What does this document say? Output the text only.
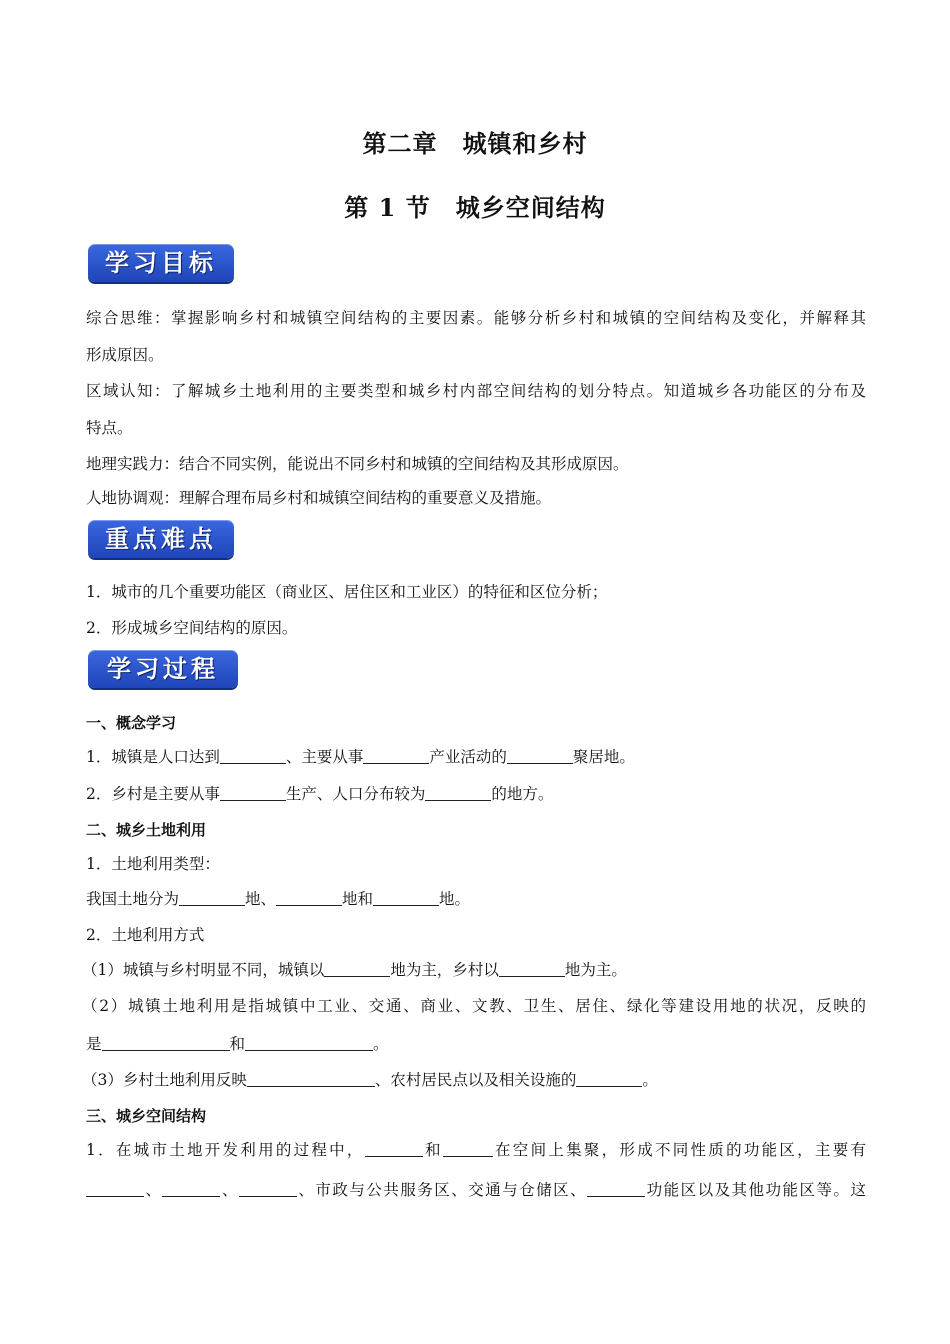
第二章　城镇和乡村
第 1 节　城乡空间结构
学习目标
综合思维：掌握影响乡村和城镇空间结构的主要因素。能够分析乡村和城镇的空间结构及变化，并解释其
形成原因。
区域认知：了解城乡土地利用的主要类型和城乡村内部空间结构的划分特点。知道城乡各功能区的分布及
特点。
地理实践力：结合不同实例，能说出不同乡村和城镇的空间结构及其形成原因。
人地协调观：理解合理布局乡村和城镇空间结构的重要意义及措施。
重点难点
1．城市的几个重要功能区（商业区、居住区和工业区）的特征和区位分析；
2．形成城乡空间结构的原因。
学习过程
一、概念学习
1．城镇是人口达到	、主要从事	产业活动的	聚居地。
2．乡村是主要从事	生产、人口分布较为	的地方。
二、城乡土地利用
1．土地利用类型：
我国土地分为	地、	地和	地。
2．土地利用方式
（1）城镇与乡村明显不同，城镇以	地为主，乡村以	地为主。
（2）城镇土地利用是指城镇中工业、交通、商业、文教、卫生、居住、绿化等建设用地的状况，反映的
是	和	。
（3）乡村土地利用反映	、农村居民点以及相关设施的	。
三、城乡空间结构
1．在城市土地开发利用的过程中，	和	在空间上集聚，形成不同性质的功能区，主要有
、	、	、市政与公共服务区、交通与仓储区、	功能区以及其他功能区等。这
